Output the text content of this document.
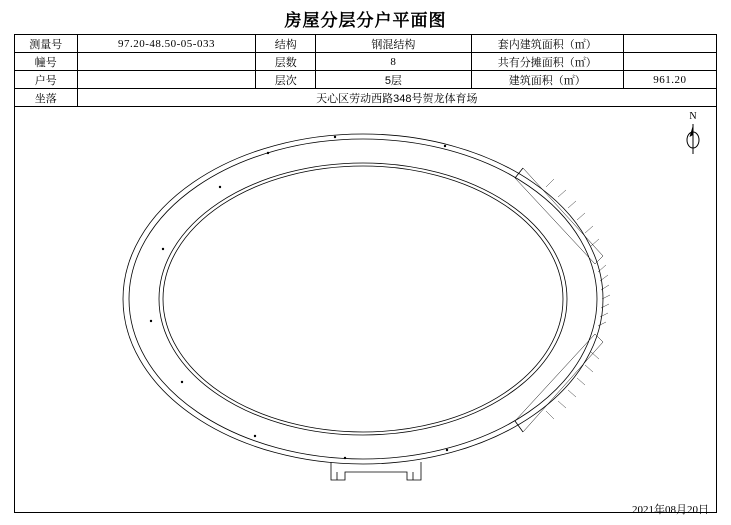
房屋分层分户平面图
测量号	97.20-48.50-05-033	结构	钢混结构	套内建筑面积（㎡）	
幢号		层数	8	共有分摊面积（㎡）	
户号		层次	5层	建筑面积（㎡）	961.20
坐落	天心区劳动西路348号贺龙体育场				
N
2021年08月20日
